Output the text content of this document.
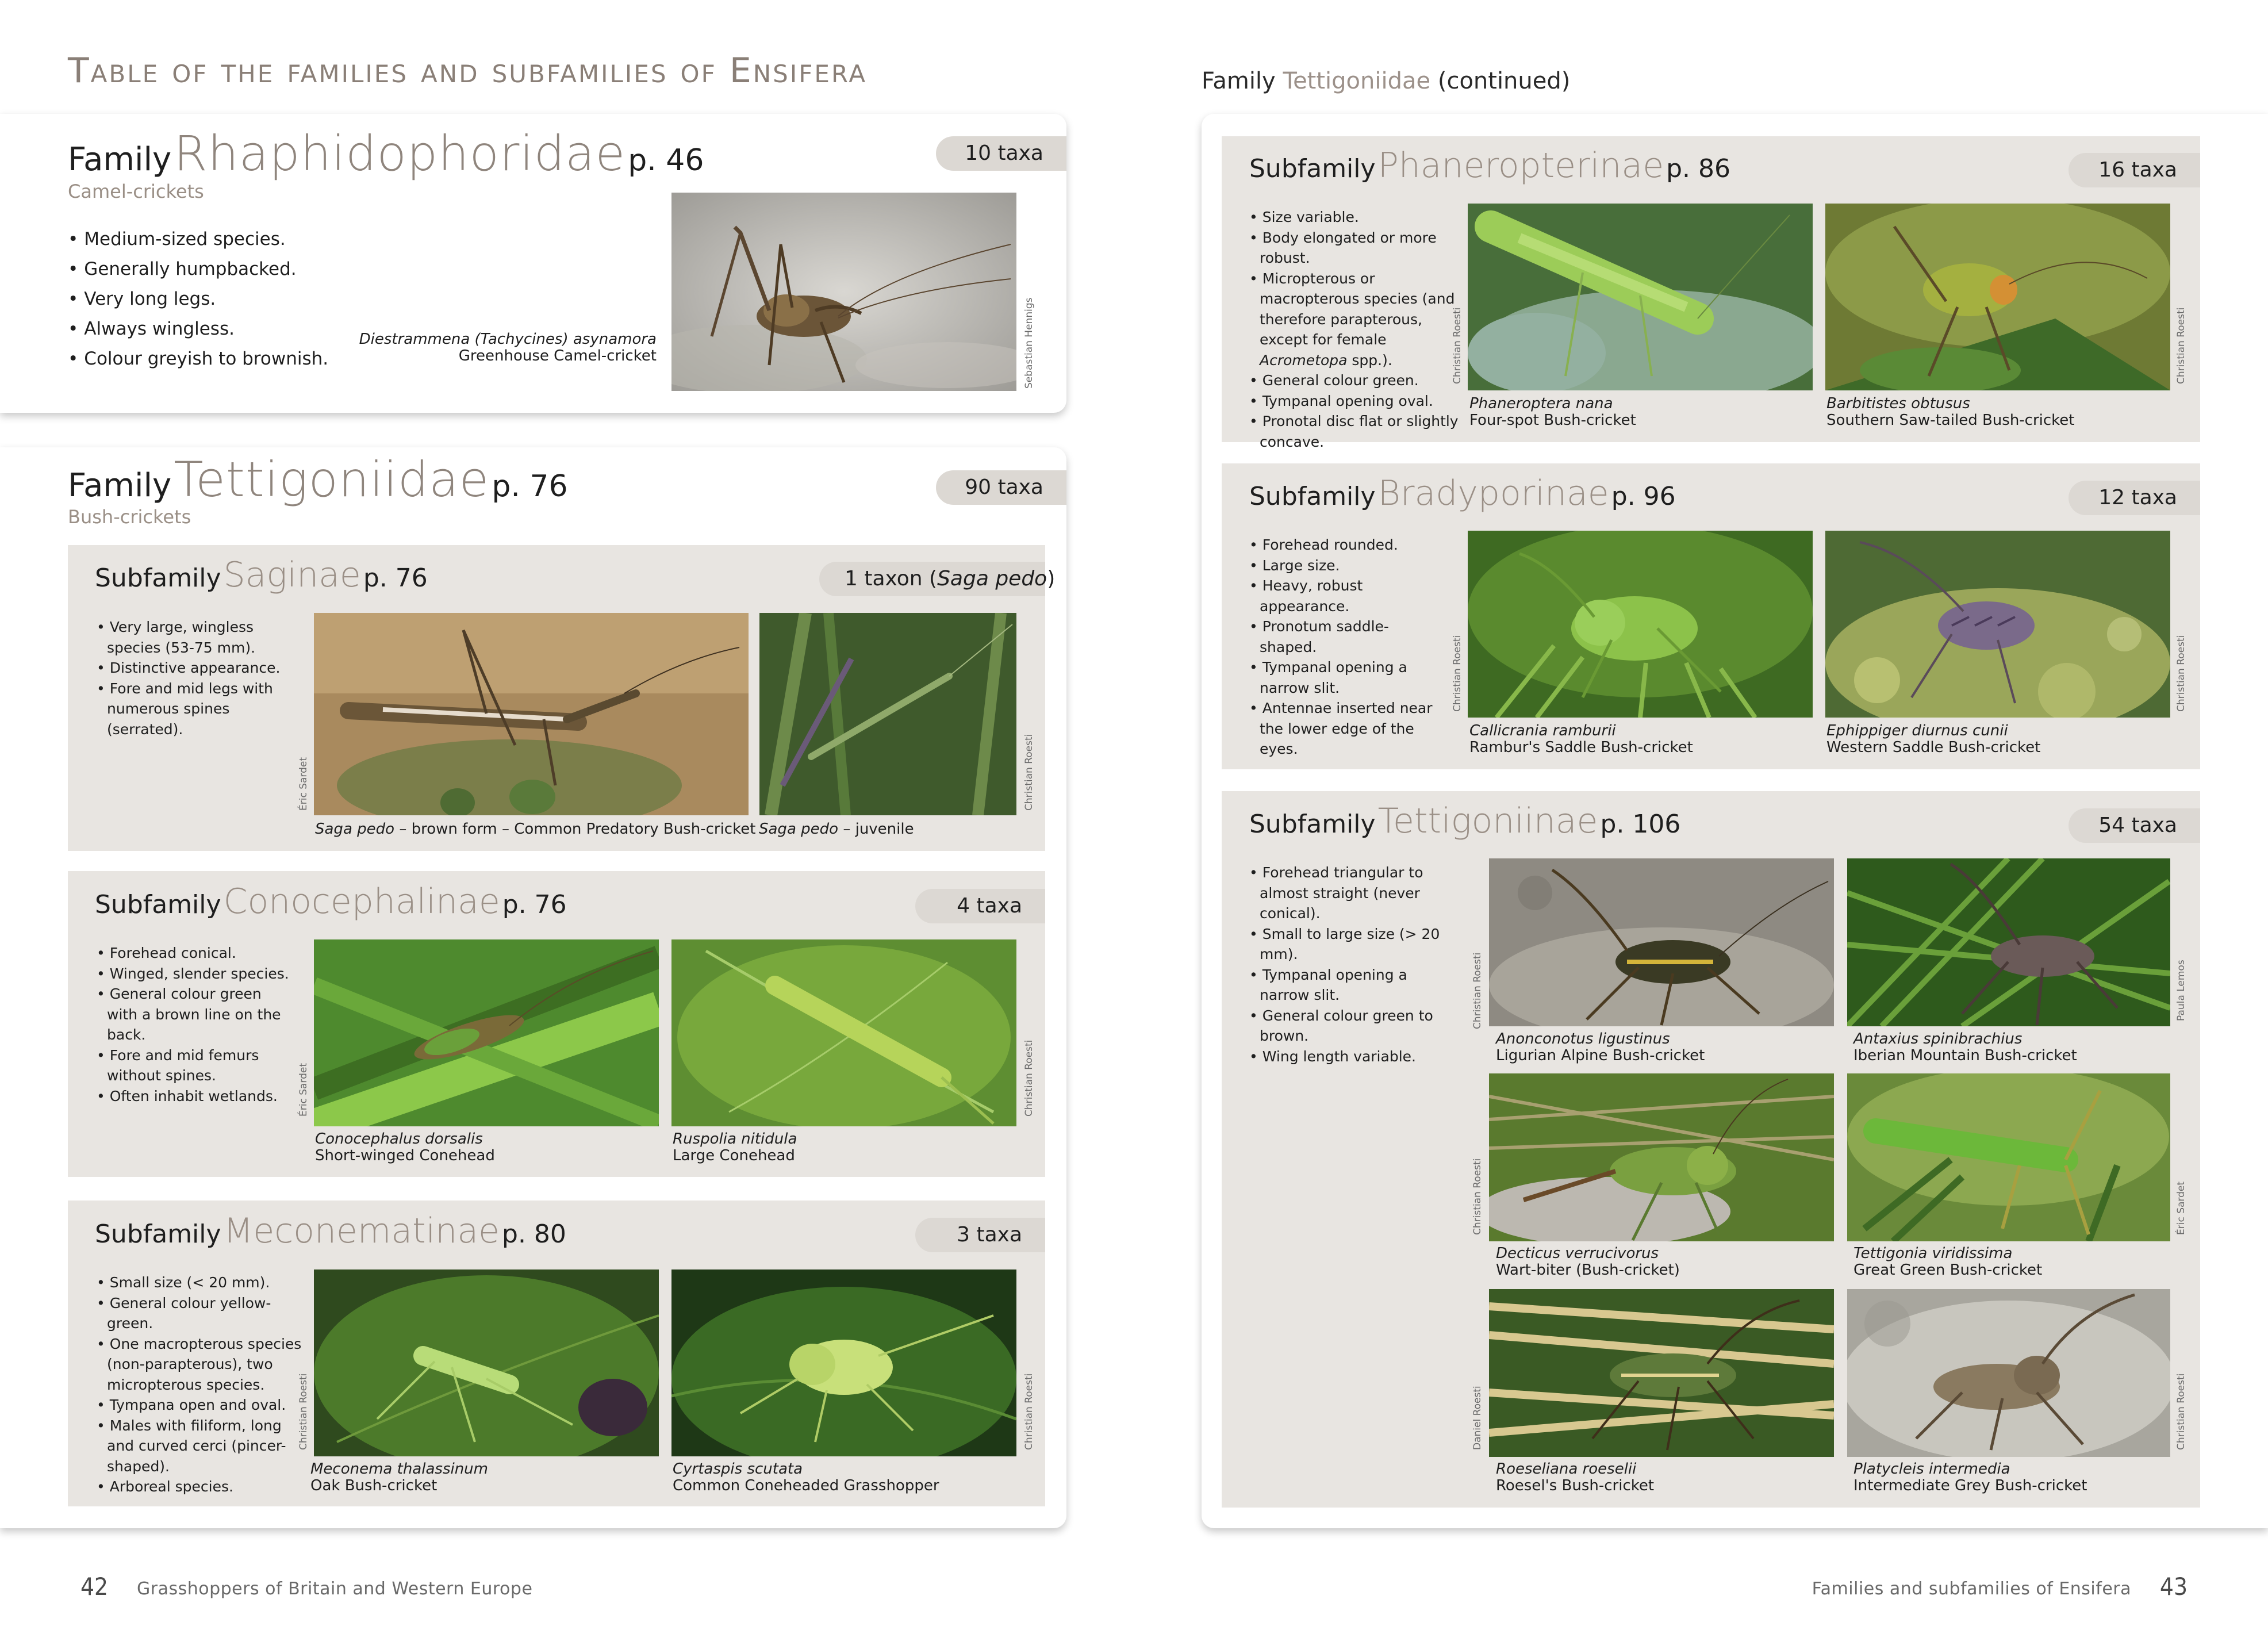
Table of the families and subfamilies of Ensifera
FamilyRhaphidophoridaep. 46
Camel-crickets
10 taxa
• Medium-sized species.
• Generally humpbacked.
• Very long legs.
• Always wingless.
• Colour greyish to brownish.
Diestrammena (Tachycines) asynamora
Greenhouse Camel-cricket	Sebastian Hennigs
FamilyTettigoniidaep. 76
Bush-crickets
90 taxa
SubfamilySaginaep. 76	1 taxon (Saga pedo)
• Very large, wingless species (53-75 mm).
• Distinctive appearance.
• Fore and mid legs with numerous spines (serrated).
Éric Sardet
Saga pedo – brown form – Common Predatory Bush-cricket
Christian Roesti
Saga pedo – juvenile
SubfamilyConocephalinaep. 76	4 taxa
• Forehead conical.
• Winged, slender species.
• General colour green with a brown line on the back.
• Fore and mid femurs without spines.
• Often inhabit wetlands.	Éric Sardet
Conocephalus dorsalis
Short-winged Conehead
Christian Roesti
Ruspolia nitidula
Large Conehead
SubfamilyMeconematinaep. 80	3 taxa
• Small size (< 20 mm).
• General colour yellow-green.
• One macropterous species (non-parapterous), two micropterous species.
• Tympana open and oval.
• Males with filiform, long and curved cerci (pincer-shaped).
• Arboreal species.
Christian Roesti
Meconema thalassinum
Oak Bush-cricket
Christian Roesti
Cyrtaspis scutata
Common Coneheaded Grasshopper
42 Grasshoppers of Britain and Western Europe
Family Tettigoniidae (continued)
SubfamilyPhaneropterinaep. 86	16 taxa
• Size variable.
• Body elongated or more robust.
• Micropterous or macropterous species (and therefore parapterous, except for female Acrometopa spp.).
• General colour green.
• Tympanal opening oval.
• Pronotal disc flat or slightly concave.
Christian Roesti
Phaneroptera nana
Four-spot Bush-cricket
Christian Roesti
Barbitistes obtusus
Southern Saw-tailed Bush-cricket
SubfamilyBradyporinaep. 96	12 taxa
• Forehead rounded.
• Large size.
• Heavy, robust appearance.
• Pronotum saddle-shaped.
• Tympanal opening a narrow slit.
• Antennae inserted near the lower edge of the eyes.
Christian Roesti
Callicrania ramburii
Rambur's Saddle Bush-cricket
Christian Roesti
Ephippiger diurnus cunii
Western Saddle Bush-cricket
SubfamilyTettigoniinaep. 106	54 taxa
• Forehead triangular to almost straight (never conical).
• Small to large size (> 20 mm).
• Tympanal opening a narrow slit.
• General colour green to brown.
• Wing length variable.
Christian Roesti
Anonconotus ligustinus
Ligurian Alpine Bush-cricket
Paula Lemos
Antaxius spinibrachius
Iberian Mountain Bush-cricket
Christian Roesti
Decticus verrucivorus
Wart-biter (Bush-cricket)
Éric Sardet
Tettigonia viridissima
Great Green Bush-cricket
Daniel Roesti
Roeseliana roeselii
Roesel's Bush-cricket
Christian Roesti
Platycleis intermedia
Intermediate Grey Bush-cricket
Families and subfamilies of Ensifera 43
